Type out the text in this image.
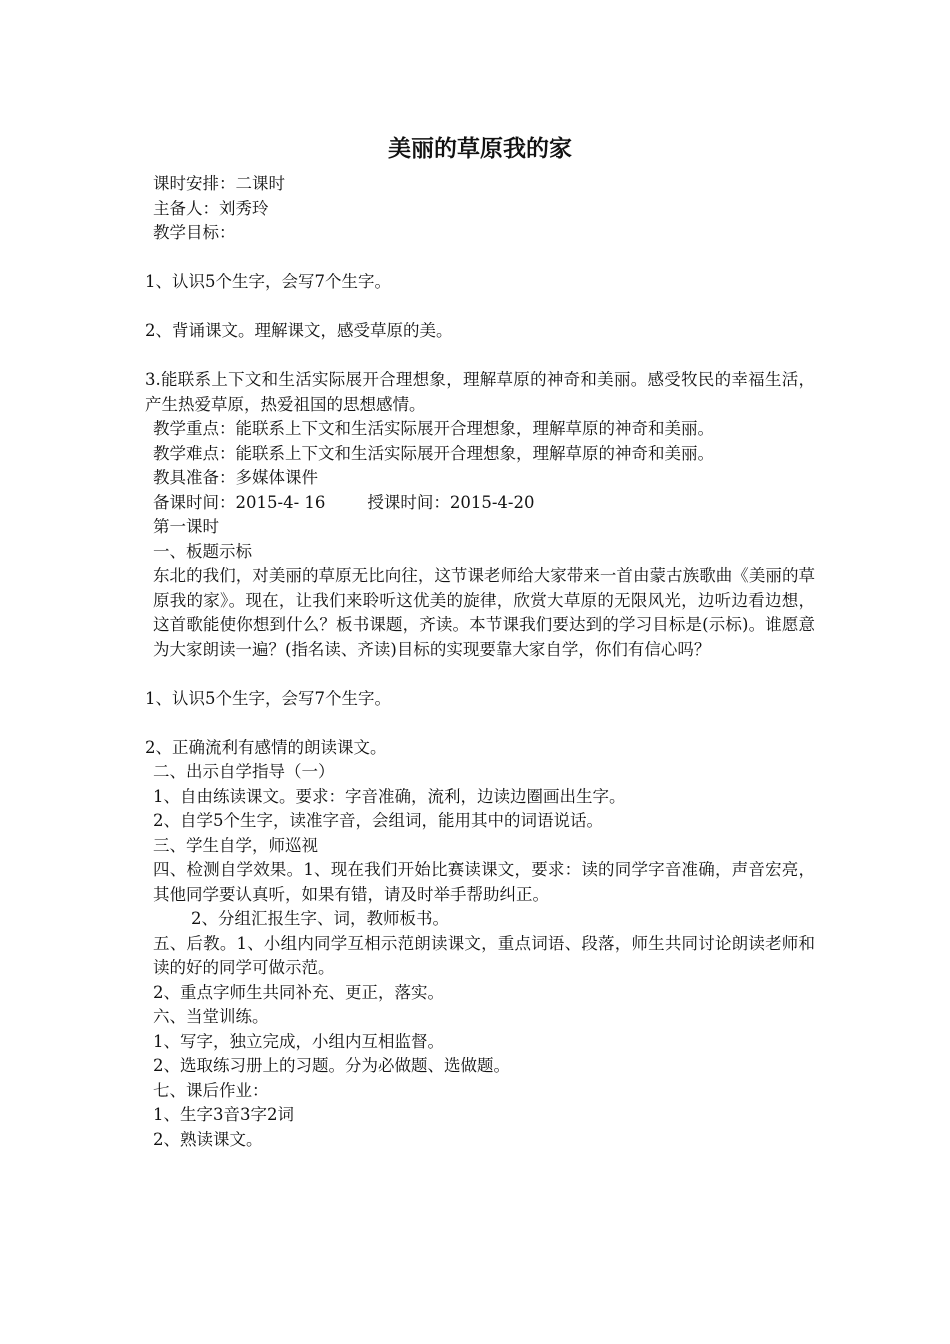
美丽的草原我的家
课时安排：二课时
主备人：刘秀玲
教学目标：
1、认识5个生字，会写7个生字。
2、背诵课文。理解课文，感受草原的美。
3.能联系上下文和生活实际展开合理想象，理解草原的神奇和美丽。感受牧民的幸福生活，产生热爱草原，热爱祖国的思想感情。
教学重点：能联系上下文和生活实际展开合理想象，理解草原的神奇和美丽。
教学难点：能联系上下文和生活实际展开合理想象，理解草原的神奇和美丽。
教具准备：多媒体课件
备课时间：2015-4- 16        授课时间：2015-4-20
第一课时
一、板题示标
东北的我们，对美丽的草原无比向往，这节课老师给大家带来一首由蒙古族歌曲《美丽的草原我的家》。现在，让我们来聆听这优美的旋律，欣赏大草原的无限风光，边听边看边想，这首歌能使你想到什么？板书课题，齐读。本节课我们要达到的学习目标是(示标)。谁愿意为大家朗读一遍？(指名读、齐读)目标的实现要靠大家自学，你们有信心吗？
1、认识5个生字，会写7个生字。
2、正确流利有感情的朗读课文。
二、出示自学指导（一）
1、自由练读课文。要求：字音准确，流利，边读边圈画出生字。
2、自学5个生字，读准字音，会组词，能用其中的词语说话。
三、学生自学，师巡视
四、检测自学效果。1、现在我们开始比赛读课文，要求：读的同学字音准确，声音宏亮，其他同学要认真听，如果有错，请及时举手帮助纠正。
2、分组汇报生字、词，教师板书。
五、后教。1、小组内同学互相示范朗读课文，重点词语、段落，师生共同讨论朗读老师和读的好的同学可做示范。
2、重点字师生共同补充、更正，落实。
六、当堂训练。
1、写字，独立完成，小组内互相监督。
2、选取练习册上的习题。分为必做题、选做题。
七、课后作业：
1、生字3音3字2词
2、熟读课文。
